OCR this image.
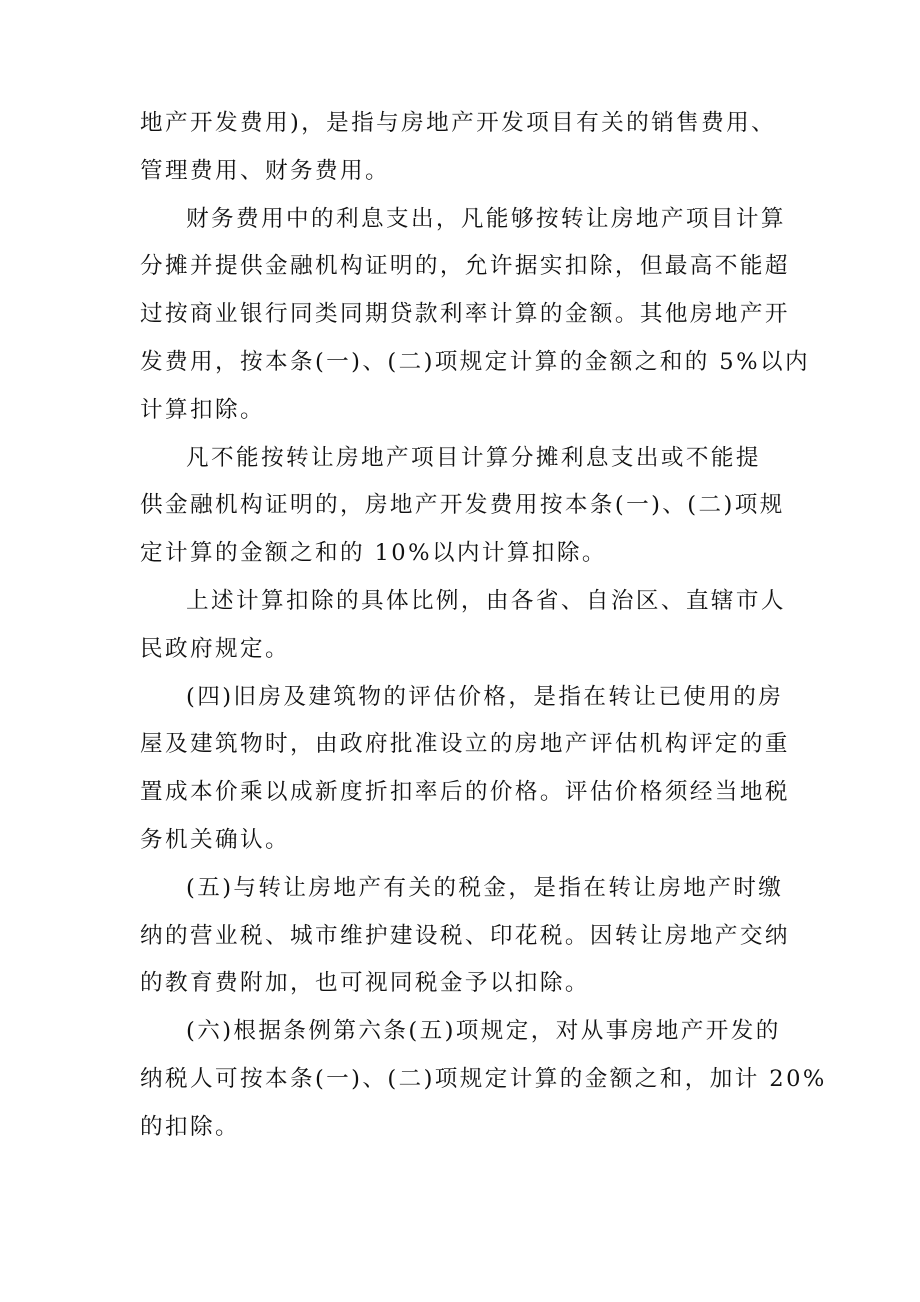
地产开发费用)，是指与房地产开发项目有关的销售费用、
管理费用、财务费用。

财务费用中的利息支出，凡能够按转让房地产项目计算
分摊并提供金融机构证明的，允许据实扣除，但最高不能超
过按商业银行同类同期贷款利率计算的金额。其他房地产开
发费用，按本条(一)、(二)项规定计算的金额之和的 5%以内
计算扣除。

凡不能按转让房地产项目计算分摊利息支出或不能提
供金融机构证明的，房地产开发费用按本条(一)、(二)项规
定计算的金额之和的 10%以内计算扣除。

上述计算扣除的具体比例，由各省、自治区、直辖市人
民政府规定。

(四)旧房及建筑物的评估价格，是指在转让已使用的房
屋及建筑物时，由政府批准设立的房地产评估机构评定的重
置成本价乘以成新度折扣率后的价格。评估价格须经当地税
务机关确认。

(五)与转让房地产有关的税金，是指在转让房地产时缴
纳的营业税、城市维护建设税、印花税。因转让房地产交纳
的教育费附加，也可视同税金予以扣除。

(六)根据条例第六条(五)项规定，对从事房地产开发的
纳税人可按本条(一)、(二)项规定计算的金额之和，加计 20%
的扣除。
